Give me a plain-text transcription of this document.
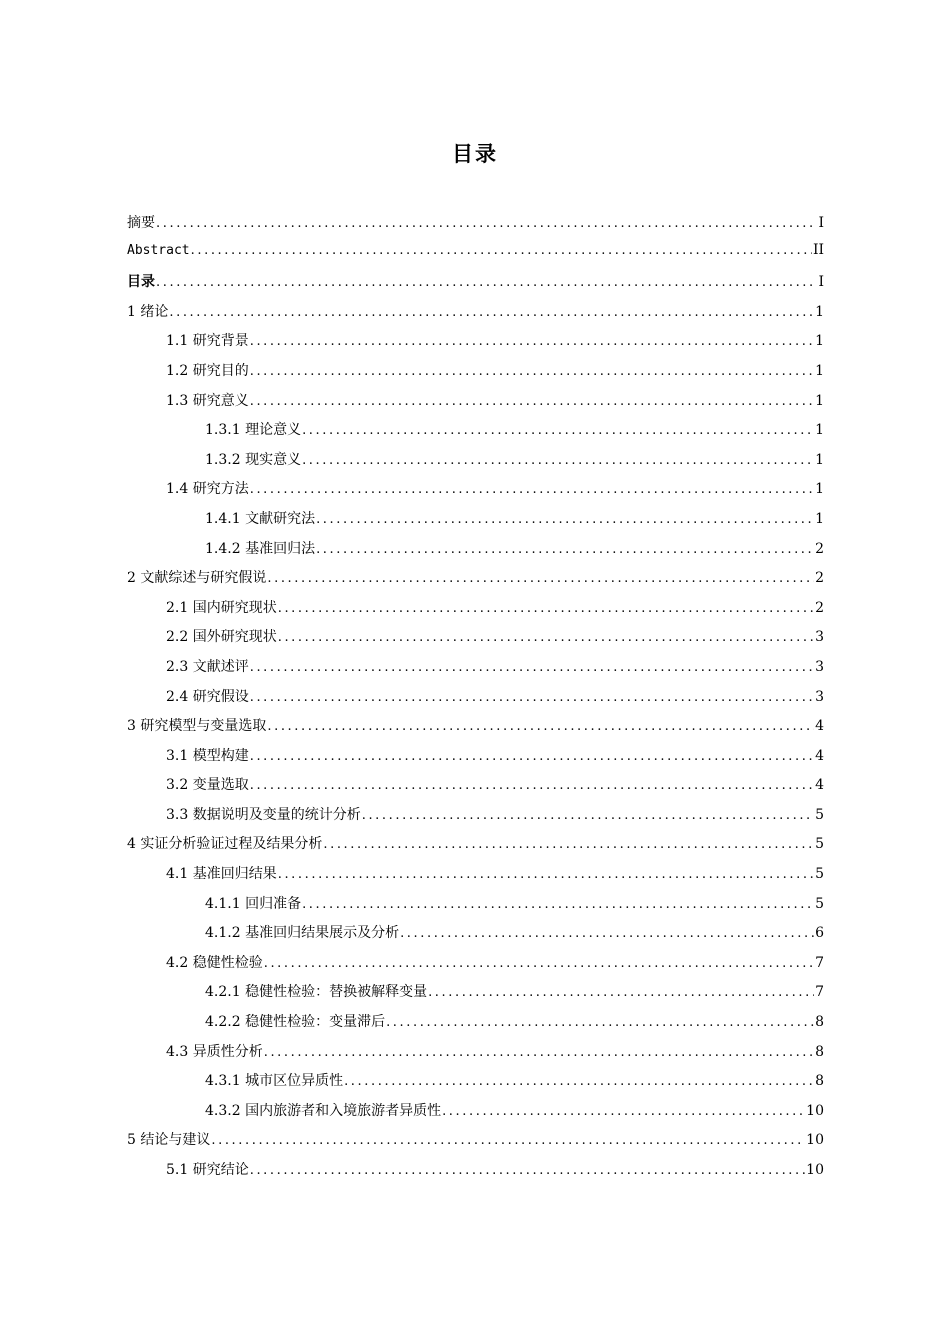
目录
摘要 .....	I
Abstract .....	II
目录 .....	I
1 绪论 .....	1
1.1 研究背景 .....	1
1.2 研究目的 .....	1
1.3 研究意义 .....	1
1.3.1 理论意义 .....	1
1.3.2 现实意义 .....	1
1.4 研究方法 .....	1
1.4.1 文献研究法 .....	1
1.4.2 基准回归法 .....	2
2 文献综述与研究假说 .....	2
2.1 国内研究现状 .....	2
2.2 国外研究现状 .....	3
2.3 文献述评 .....	3
2.4 研究假设 .....	3
3 研究模型与变量选取 .....	4
3.1 模型构建 .....	4
3.2 变量选取 .....	4
3.3 数据说明及变量的统计分析 .....	5
4 实证分析验证过程及结果分析 .....	5
4.1 基准回归结果 .....	5
4.1.1 回归准备 .....	5
4.1.2 基准回归结果展示及分析 .....	6
4.2 稳健性检验 .....	7
4.2.1 稳健性检验：替换被解释变量 .....	7
4.2.2 稳健性检验：变量滞后 .....	8
4.3 异质性分析 .....	8
4.3.1 城市区位异质性 .....	8
4.3.2 国内旅游者和入境旅游者异质性 .....	10
5 结论与建议 .....	10
5.1 研究结论 .....	10
